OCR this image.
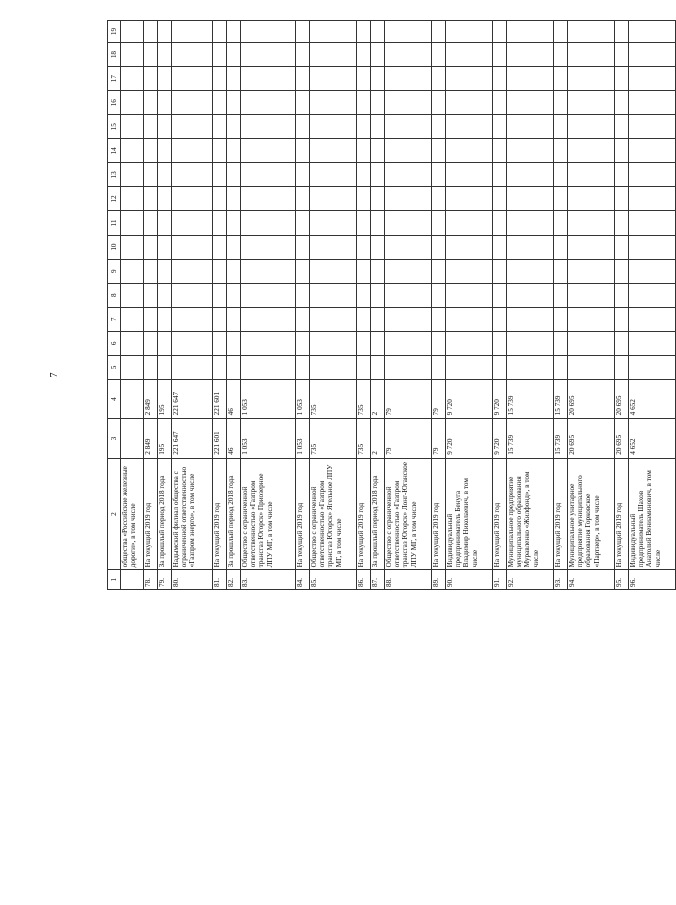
7
1	2	3	4	5	6	7	8	9	10	11	12	13	14	15	16	17	18	19
	общества «Российские железные дороги», в том числе																	
78.	На текущий 2019 год	2 849	2 849															
79.	За прошлый период 2018 года	195	195															
80.	Надымский филиал общества с ограниченной ответственностью «Газпром энерго», в том числе	221 647	221 647															
81.	На текущий 2019 год	221 601	221 601															
82.	За прошлый период 2018 года	46	46															
83.	Общество с ограниченной ответственностью «Газпром трансгаз Югорск» Приозерное ЛПУ МГ, в том числе	1 053	1 053															
84.	На текущий 2019 год	1 053	1 053															
85.	Общество с ограниченной ответственностью «Газпром трансгаз Югорск» Ягельное ЛПУ МГ, в том числе	735	735															
86.	На текущий 2019 год	735	735															
87.	За прошлый период 2018 года	2	2															
88.	Общество с ограниченной ответственностью «Газпром трансгаз Югорск» Лонг-Юганское ЛПУ МГ, в том числе	79	79															
89.	На текущий 2019 год	79	79															
90.	Индивидуальный предприниматель Бенуга Владимир Николаевич, в том числе	9 720	9 720															
91.	На текущий 2019 год	9 720	9 720															
92.	Муниципальное предприятие муниципального образования Муравленко «Жилфонд», в том числе	15 739	15 739															
93.	На текущий 2019 год	15 739	15 739															
94.	Муниципальное унитарное предприятие муниципального образования Горковское «Партнер», в том числе	20 695	20 695															
95.	На текущий 2019 год	20 695	20 695															
96.	Индивидуальный предприниматель Шахов Анатолий Вениаминович, в том числе	4 652	4 652															
